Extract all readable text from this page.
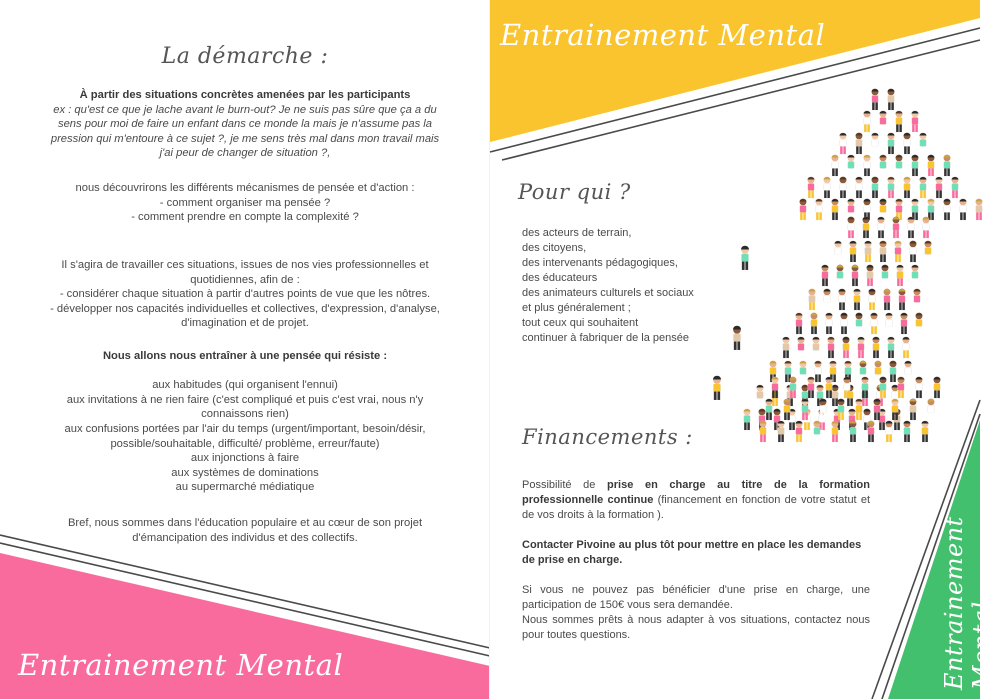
La démarche :

À partir des situations concrètes amenées par les participants

ex : qu'est ce que je lache avant le burn-out? Je ne suis pas sûre que ça a du

sens pour moi de faire un enfant dans ce monde la mais je n'assume pas la

pression qui m'entoure à ce sujet ?, je me sens très mal dans mon travail mais

j'ai peur de changer de situation ?,

nous découvrirons les différents mécanismes de pensée et d'action :

- comment organiser ma pensée ?

- comment prendre en compte la complexité ?

Il s'agira de travailler ces situations, issues de nos vies professionnelles et

quotidiennes, afin de :

- considérer chaque situation à partir d'autres points de vue que les nôtres.

- développer nos capacités individuelles et collectives, d'expression, d'analyse,

d'imagination et de projet.

Nous allons nous entraîner à une pensée qui résiste :

aux habitudes (qui organisent l'ennui)

aux invitations à ne rien faire (c'est compliqué et puis c'est vrai, nous n'y

connaissons rien)

aux confusions portées par l'air du temps (urgent/important, besoin/désir,

possible/souhaitable, difficulté/ problème, erreur/faute)

aux injonctions à faire

aux systèmes de dominations

au supermarché médiatique

Bref, nous sommes dans l'éducation populaire et au cœur de son projet

d'émancipation des individus et des collectifs.

Entrainement Mental
Entrainement Mental
Entrainement Mental
Pour qui ?

des acteurs de terrain,

des citoyens,

des intervenants pédagogiques,

des éducateurs

des animateurs culturels et sociaux

et plus généralement ;

tout ceux qui souhaitent

continuer à fabriquer de la pensée

Financements :

Possibilité de prise en charge au titre de la formation professionnelle continue (financement en fonction de votre statut et de vos droits à la formation ).

Contacter Pivoine au plus tôt pour mettre en place les demandes de prise en charge.

Si vous ne pouvez pas bénéficier d'une prise en charge, une participation de 150€ vous sera demandée.

Nous sommes prêts à nous adapter à vos situations, contactez nous pour toutes questions.
